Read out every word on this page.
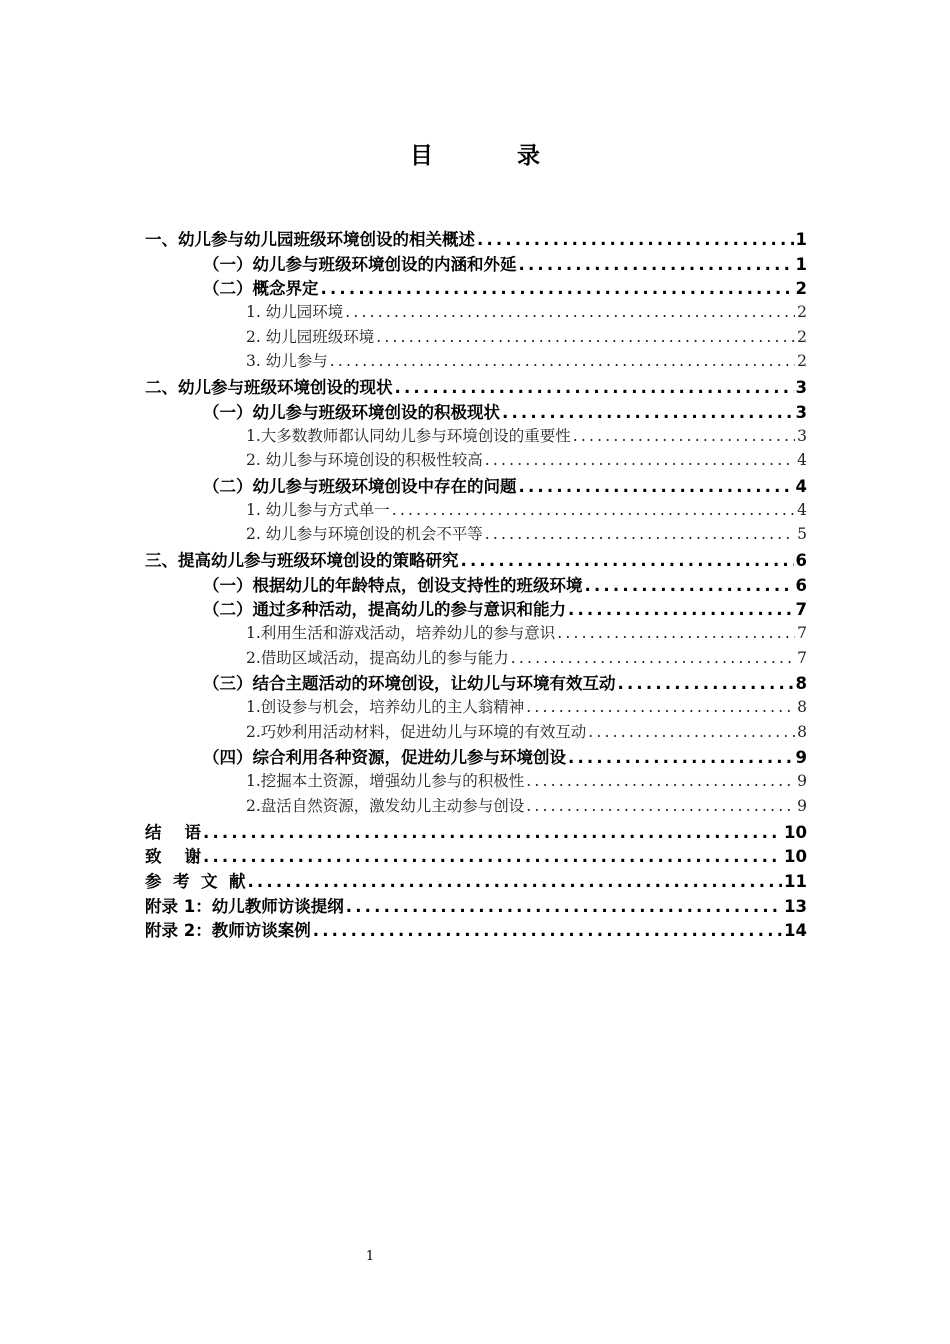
目 录
一、幼儿参与幼儿园班级环境创设的相关概述 .....	1
（一）幼儿参与班级环境创设的内涵和外延 .....	1
（二）概念界定 .....	2
1. 幼儿园环境 .....	2
2. 幼儿园班级环境 .....	2
3. 幼儿参与 .....	2
二、幼儿参与班级环境创设的现状 .....	3
（一）幼儿参与班级环境创设的积极现状 .....	3
1.大多数教师都认同幼儿参与环境创设的重要性 .....	3
2. 幼儿参与环境创设的积极性较高 .....	4
（二）幼儿参与班级环境创设中存在的问题 .....	4
1. 幼儿参与方式单一 .....	4
2. 幼儿参与环境创设的机会不平等 .....	5
三、提高幼儿参与班级环境创设的策略研究 .....	6
（一）根据幼儿的年龄特点，创设支持性的班级环境 .....	6
（二）通过多种活动，提高幼儿的参与意识和能力 .....	7
1.利用生活和游戏活动，培养幼儿的参与意识 .....	7
2.借助区域活动，提高幼儿的参与能力 .....	7
（三）结合主题活动的环境创设，让幼儿与环境有效互动 .....	8
1.创设参与机会，培养幼儿的主人翁精神 .....	8
2.巧妙利用活动材料，促进幼儿与环境的有效互动 .....	8
（四）综合利用各种资源，促进幼儿参与环境创设 .....	9
1.挖掘本土资源，增强幼儿参与的积极性 .....	9
2.盘活自然资源，激发幼儿主动参与创设 .....	9
结    语 .....	10
致    谢 .....	10
参  考  文  献 .....	11
附录 1：幼儿教师访谈提纲 .....	13
附录 2：教师访谈案例 .....	14
1
